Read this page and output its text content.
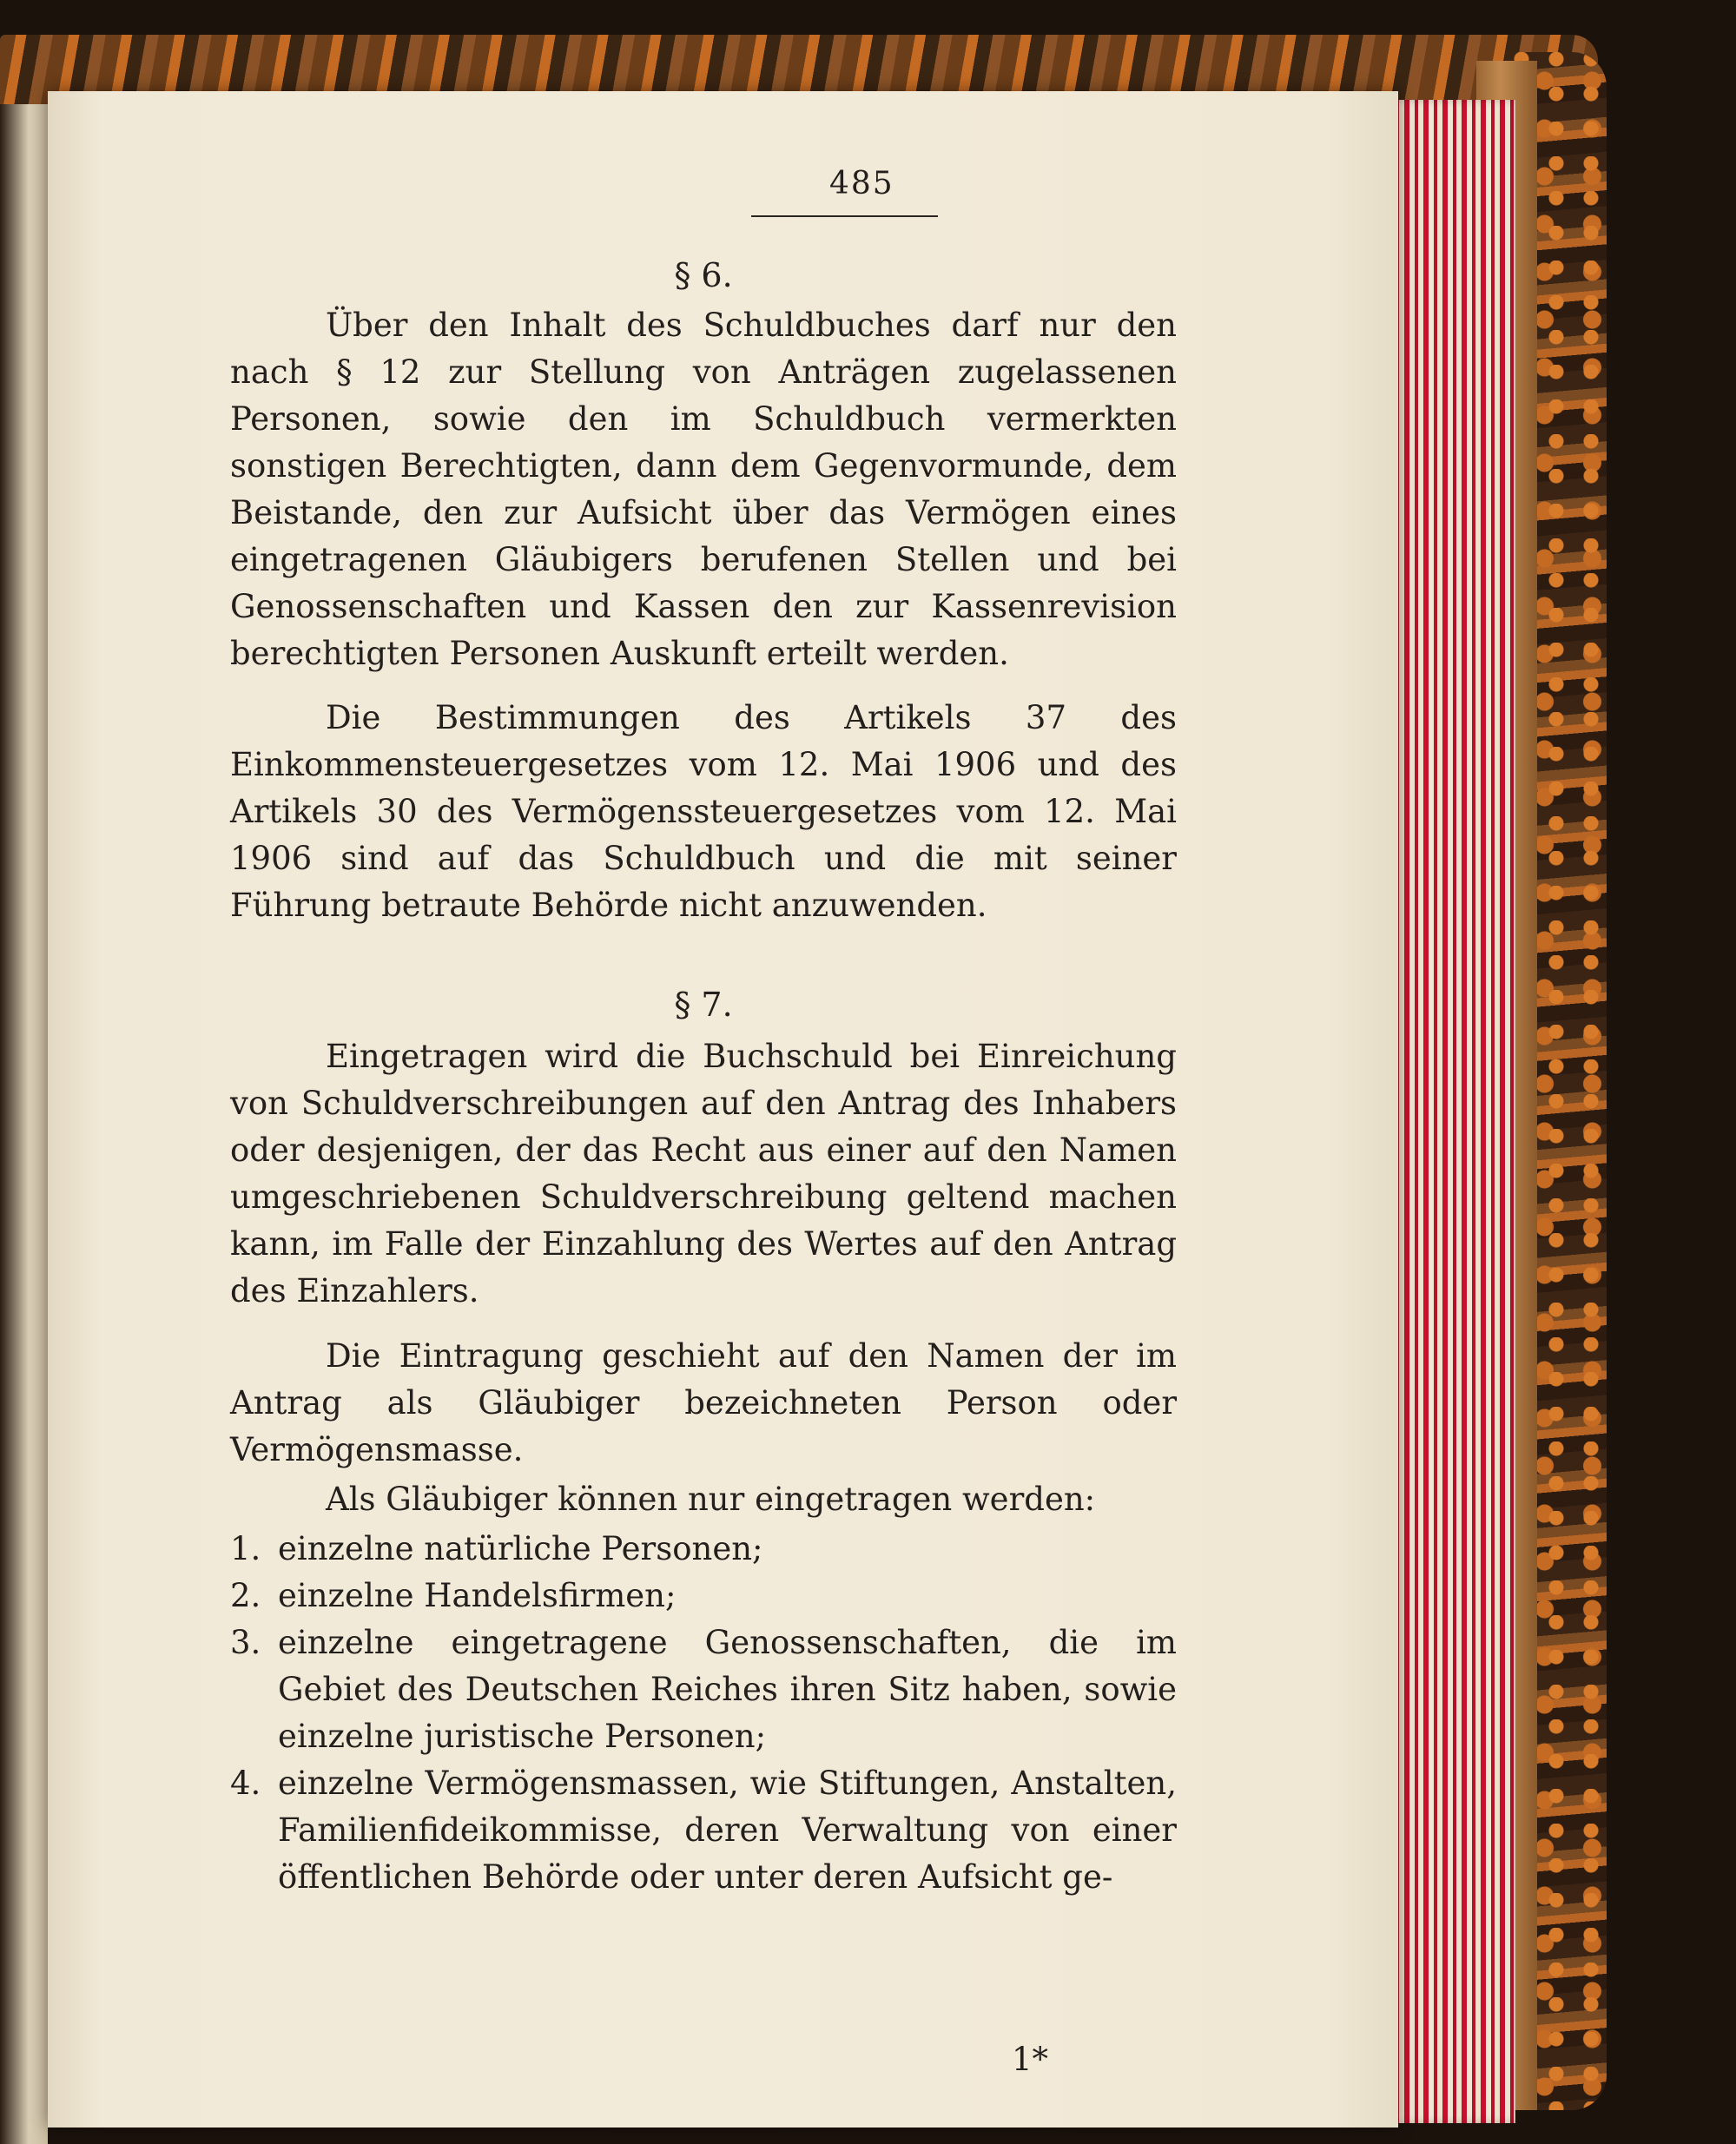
485
§ 6.
Über den Inhalt des Schuldbuches darf nur den nach § 12 zur Stellung von Anträgen zugelassenen Personen, sowie den im Schuldbuch vermerkten sonstigen Berechtigten, dann dem Gegenvormunde, dem Beistande, den zur Aufsicht über das Vermögen eines eingetragenen Gläubigers berufenen Stellen und bei Genossenschaften und Kassen den zur Kassenrevision berechtigten Personen Auskunft erteilt werden.
Die Bestimmungen des Artikels 37 des Einkommensteuergesetzes vom 12. Mai 1906 und des Artikels 30 des Vermögenssteuergesetzes vom 12. Mai 1906 sind auf das Schuldbuch und die mit seiner Führung betraute Behörde nicht anzuwenden.
§ 7.
Eingetragen wird die Buchschuld bei Einreichung von Schuldverschreibungen auf den Antrag des Inhabers oder desjenigen, der das Recht aus einer auf den Namen umgeschriebenen Schuldverschreibung geltend machen kann, im Falle der Einzahlung des Wertes auf den Antrag des Einzahlers.
Die Eintragung geschieht auf den Namen der im Antrag als Gläubiger bezeichneten Person oder Vermögensmasse.
Als Gläubiger können nur eingetragen werden:
1. einzelne natürliche Personen;
2. einzelne Handelsfirmen;
3. einzelne eingetragene Genossenschaften, die im Gebiet des Deutschen Reiches ihren Sitz haben, sowie einzelne juristische Personen;
4. einzelne Vermögensmassen, wie Stiftungen, Anstalten, Familienfideikommisse, deren Verwaltung von einer öffentlichen Behörde oder unter deren Aufsicht ge-
1*
